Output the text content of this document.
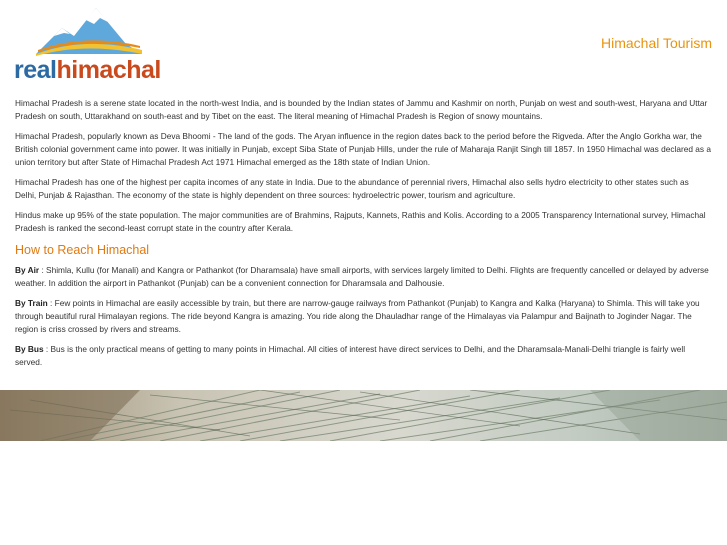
realhimachal
Himachal Tourism

Himachal Pradesh is a serene state located in the north-west India, and is bounded by the Indian states of Jammu and Kashmir on north, Punjab on west and south-west, Haryana and Uttar Pradesh on south, Uttarakhand on south-east and by Tibet on the east. The literal meaning of Himachal Pradesh is Region of snowy mountains.

Himachal Pradesh, popularly known as Deva Bhoomi - The land of the gods. The Aryan influence in the region dates back to the period before the Rigveda. After the Anglo Gorkha war, the British colonial government came into power. It was initially in Punjab, except Siba State of Punjab Hills, under the rule of Maharaja Ranjit Singh till 1857. In 1950 Himachal was declared as a union territory but after State of Himachal Pradesh Act 1971 Himachal emerged as the 18th state of Indian Union.

Himachal Pradesh has one of the highest per capita incomes of any state in India. Due to the abundance of perennial rivers, Himachal also sells hydro electricity to other states such as Delhi, Punjab & Rajasthan. The economy of the state is highly dependent on three sources: hydroelectric power, tourism and agriculture.

Hindus make up 95% of the state population. The major communities are of Brahmins, Rajputs, Kannets, Rathis and Kolis. According to a 2005 Transparency International survey, Himachal Pradesh is ranked the second-least corrupt state in the country after Kerala.

How to Reach Himachal

By Air : Shimla, Kullu (for Manali) and Kangra or Pathankot (for Dharamsala) have small airports, with services largely limited to Delhi. Flights are frequently cancelled or delayed by adverse weather. In addition the airport in Pathankot (Punjab) can be a convenient connection for Dharamsala and Dalhousie.

By Train : Few points in Himachal are easily accessible by train, but there are narrow-gauge railways from Pathankot (Punjab) to Kangra and Kalka (Haryana) to Shimla. This will take you through beautiful rural Himalayan regions. The ride beyond Kangra is amazing. You ride along the Dhauladhar range of the Himalayas via Palampur and Baijnath to Joginder Nagar. The region is criss crossed by rivers and streams.

By Bus : Bus is the only practical means of getting to many points in Himachal. All cities of interest have direct services to Delhi, and the Dharamsala-Manali-Delhi triangle is fairly well served.
